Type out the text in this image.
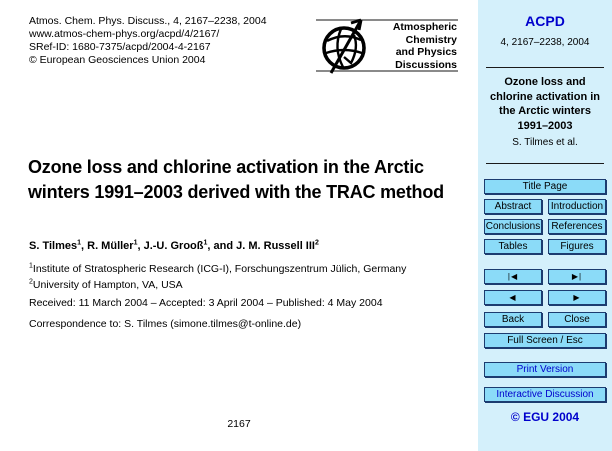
Atmos. Chem. Phys. Discuss., 4, 2167–2238, 2004
www.atmos-chem-phys.org/acpd/4/2167/
SRef-ID: 1680-7375/acpd/2004-4-2167
© European Geosciences Union 2004
Atmospheric
Chemistry
and Physics
Discussions
Ozone loss and chlorine activation in the Arctic winters 1991–2003 derived with the TRAC method
S. Tilmes$^1$, R. Müller$^1$, J.-U. Grooß$^1$, and J. M. Russell III$^2$
$^1$Institute of Stratospheric Research (ICG-I), Forschungszentrum Jülich, Germany
$^2$University of Hampton, VA, USA
Received: 11 March 2004 – Accepted: 3 April 2004 – Published: 4 May 2004
Correspondence to: S. Tilmes (simone.tilmes@t-online.de)
2167
ACPD
4, 2167–2238, 2004
Ozone loss and
chlorine activation in
the Arctic winters
1991–2003
S. Tilmes et al.
Title Page
Abstract	Introduction
Conclusions	References
Tables	Figures
|◀	▶|
◀	▶
Back	Close
Full Screen / Esc
Print Version
Interactive Discussion
© EGU 2004
